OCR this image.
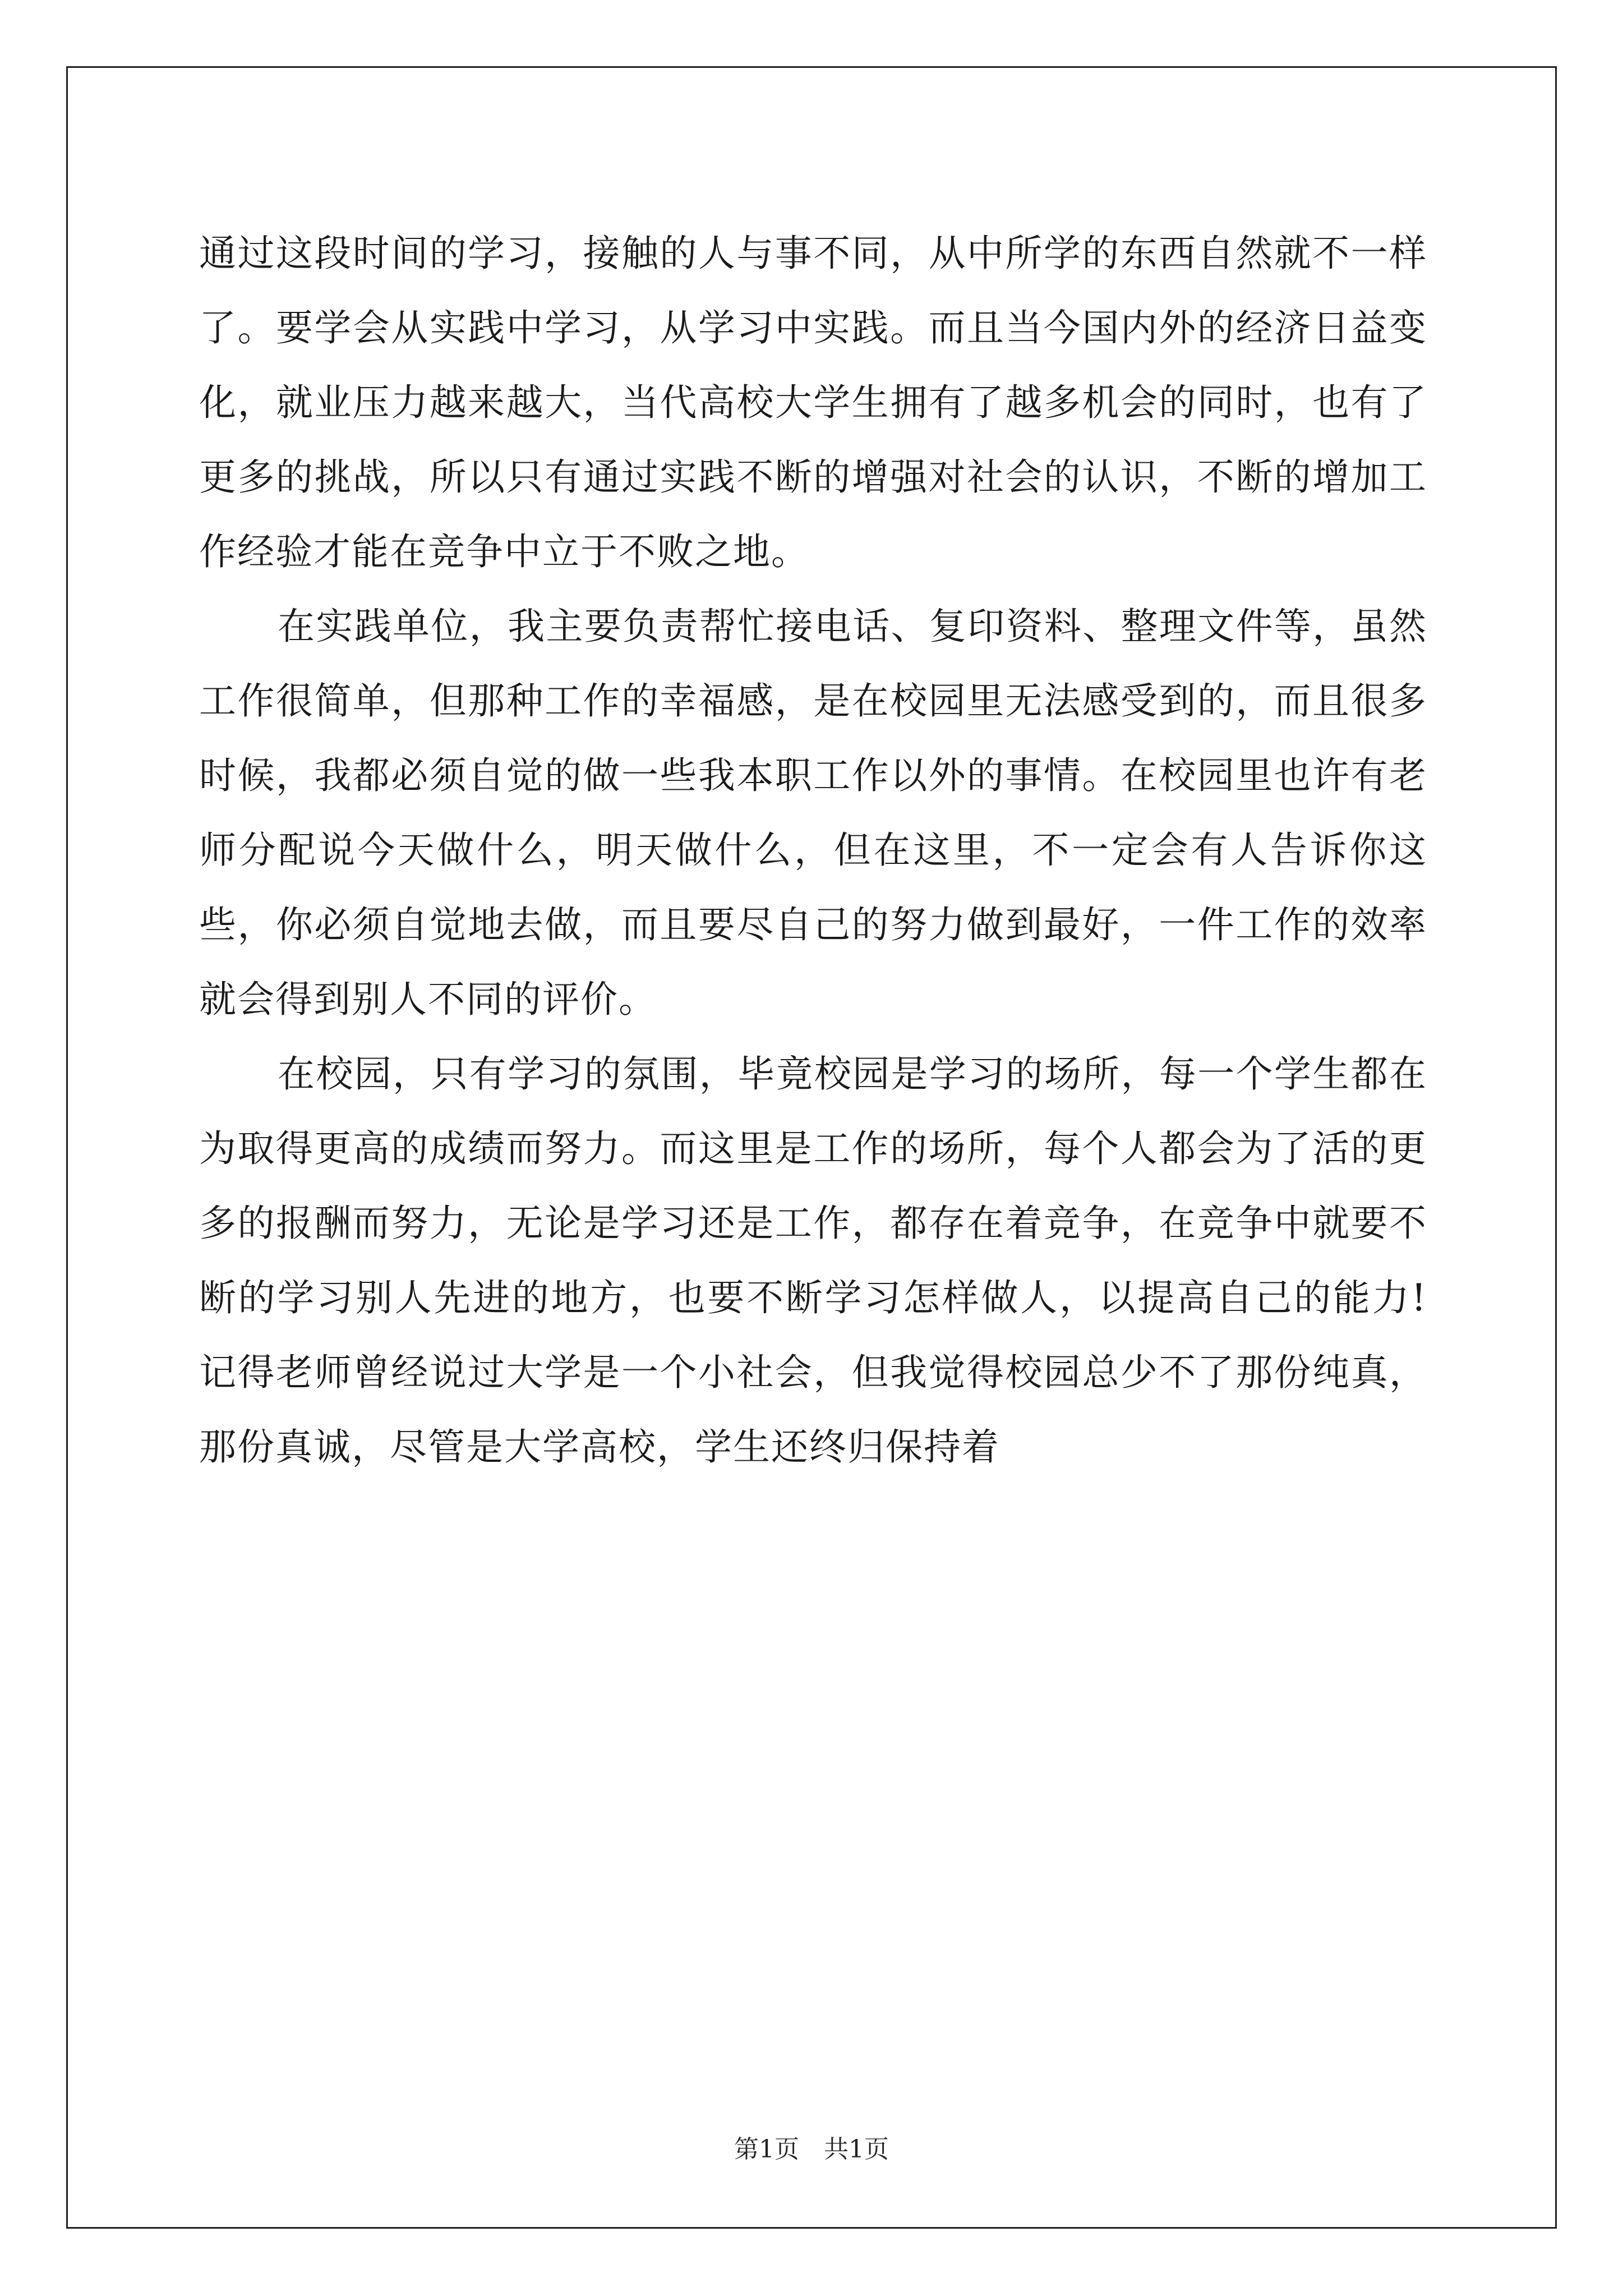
通过这段时间的学习，接触的人与事不同，从中所学的东西自然就不一样了。要学会从实践中学习，从学习中实践。而且当今国内外的经济日益变化，就业压力越来越大，当代高校大学生拥有了越多机会的同时，也有了更多的挑战，所以只有通过实践不断的增强对社会的认识，不断的增加工作经验才能在竞争中立于不败之地。

在实践单位，我主要负责帮忙接电话、复印资料、整理文件等，虽然工作很简单，但那种工作的幸福感，是在校园里无法感受到的，而且很多时候，我都必须自觉的做一些我本职工作以外的事情。在校园里也许有老师分配说今天做什么，明天做什么，但在这里，不一定会有人告诉你这些，你必须自觉地去做，而且要尽自己的努力做到最好，一件工作的效率就会得到别人不同的评价。

在校园，只有学习的氛围，毕竟校园是学习的场所，每一个学生都在为取得更高的成绩而努力。而这里是工作的场所，每个人都会为了活的更多的报酬而努力，无论是学习还是工作，都存在着竞争，在竞争中就要不断的学习别人先进的地方，也要不断学习怎样做人，以提高自己的能力!记得老师曾经说过大学是一个小社会，但我觉得校园总少不了那份纯真，那份真诚，尽管是大学高校，学生还终归保持着

第1页　共1页
